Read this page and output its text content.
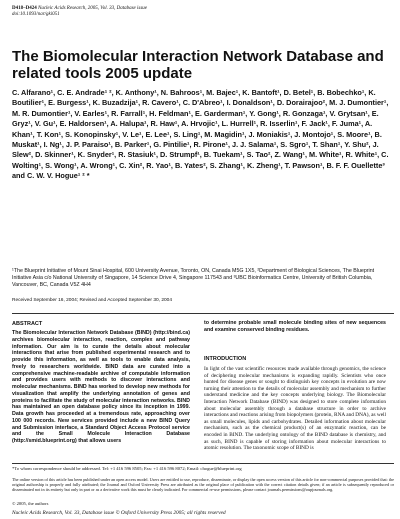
D418–D424 Nucleic Acids Research, 2005, Vol. 33, Database issue
doi:10.1093/nar/gki051
The Biomolecular Interaction Network Database and related tools 2005 update
C. Alfarano¹, C. E. Andrade¹ ², K. Anthony¹, N. Bahroos¹, M. Bajec¹, K. Bantoft¹, D. Betel¹, B. Bobechko¹, K. Boutilier¹, E. Burgess¹, K. Buzadzija¹, R. Cavero¹, C. D'Abreo¹, I. Donaldson¹, D. Dorairajoo², M. J. Dumontier¹, M. R. Dumontier¹, V. Earles¹, R. Farrall¹, H. Feldman¹, E. Garderman¹, Y. Gong¹, R. Gonzaga¹, V. Grytsan¹, E. Gryz¹, V. Gu¹, E. Haldorsen¹, A. Halupa¹, R. Haw¹, A. Hrvojic¹, L. Hurrell¹, R. Isserlin¹, F. Jack¹, F. Juma¹, A. Khan¹, T. Kon¹, S. Konopinsky¹, V. Le¹, E. Lee¹, S. Ling¹, M. Magidin¹, J. Moniakis¹, J. Montojo¹, S. Moore¹, B. Muskat¹, I. Ng¹, J. P. Paraiso¹, B. Parker¹, G. Pintilie¹, R. Pirone¹, J. J. Salama¹, S. Sgro¹, T. Shan¹, Y. Shu², J. Slew², D. Skinner¹, K. Snyder¹, R. Stasiuk¹, D. Strumpf¹, B. Tuekam¹, S. Tao², Z. Wang¹, M. White¹, R. White¹, C. Wolting¹, S. Wong¹, A. Wrong¹, C. Xin², R. Yao¹, B. Yates², S. Zhang¹, K. Zheng¹, T. Pawson¹, B. F. F. Ouellette³ and C. W. V. Hogue¹ ² *
¹The Blueprint Initiative of Mount Sinai Hospital, 600 University Avenue, Toronto, ON, Canada M5G 1X5, ²Department of Biological Sciences, The Blueprint Initiative Asia c/o National University of Singapore, 14 Science Drive 4, Singapore 117543 and ³UBC Bioinformatics Centre, University of British Columbia, Vancouver, BC, Canada V5Z 4H4
Received September 16, 2004; Revised and Accepted September 30, 2004
ABSTRACT
The Biomolecular Interaction Network Database (BIND) (http://bind.ca) archives biomolecular interaction, reaction, complex and pathway information. Our aim is to curate the details about molecular interactions that arise from published experimental research and to provide this information, as well as tools to enable data analysis, freely to researchers worldwide. BIND data are curated into a comprehensive machine-readable archive of computable information and provides users with methods to discover interactions and molecular mechanisms. BIND has worked to develop new methods for visualization that amplify the underlying annotation of genes and proteins to facilitate the study of molecular interaction networks. BIND has maintained an open database policy since its inception in 1999. Data growth has proceeded at a tremendous rate, approaching over 100 000 records. New services provided include a new BIND Query and Submission interface, a Standard Object Access Protocol service and the Small Molecule Interaction Database (http://smid.blueprint.org) that allows users
to determine probable small molecule binding sites of new sequences and examine conserved binding residues.
INTRODUCTION
In light of the vast scientific resources made available through genomics, the science of deciphering molecular mechanisms is expanding rapidly. Scientists who once hunted for disease genes or sought to distinguish key concepts in evolution are now turning their attention to the details of molecular assembly and mechanism to further understand medicine and the key concepts underlying biology. The Biomolecular Interaction Network Database (BIND) was designed to store complete information about molecular assembly through a database structure in order to archive interactions and reactions arising from biopolymers (protein, RNA and DNA), as well as small molecules, lipids and carbohydrates. Detailed information about molecular mechanism, such as the chemical product(s) of an enzymatic reaction, can be encoded in BIND. The underlying ontology of the BIND database is chemistry, and as such, BIND is capable of storing information about molecular interactions to atomic resolution. The taxonomic scope of BIND is
*To whom correspondence should be addressed. Tel: +1 416 596 8505; Fax: +1 416 596 8072; Email: chogue@blueprint.org
The online version of this article has been published under an open access model. Users are entitled to use, reproduce, disseminate, or display the open access version of this article for non-commercial purposes provided that: the original authorship is properly and fully attributed; the Journal and Oxford University Press are attributed as the original place of publication with the correct citation details given; if an article is subsequently reproduced or disseminated not in its entirety but only in part or as a derivative work this must be clearly indicated. For commercial re-use permissions, please contact journals.permissions@oupjournals.org.
© 2005, the authors
Nucleic Acids Research, Vol. 33, Database issue © Oxford University Press 2005; all rights reserved
